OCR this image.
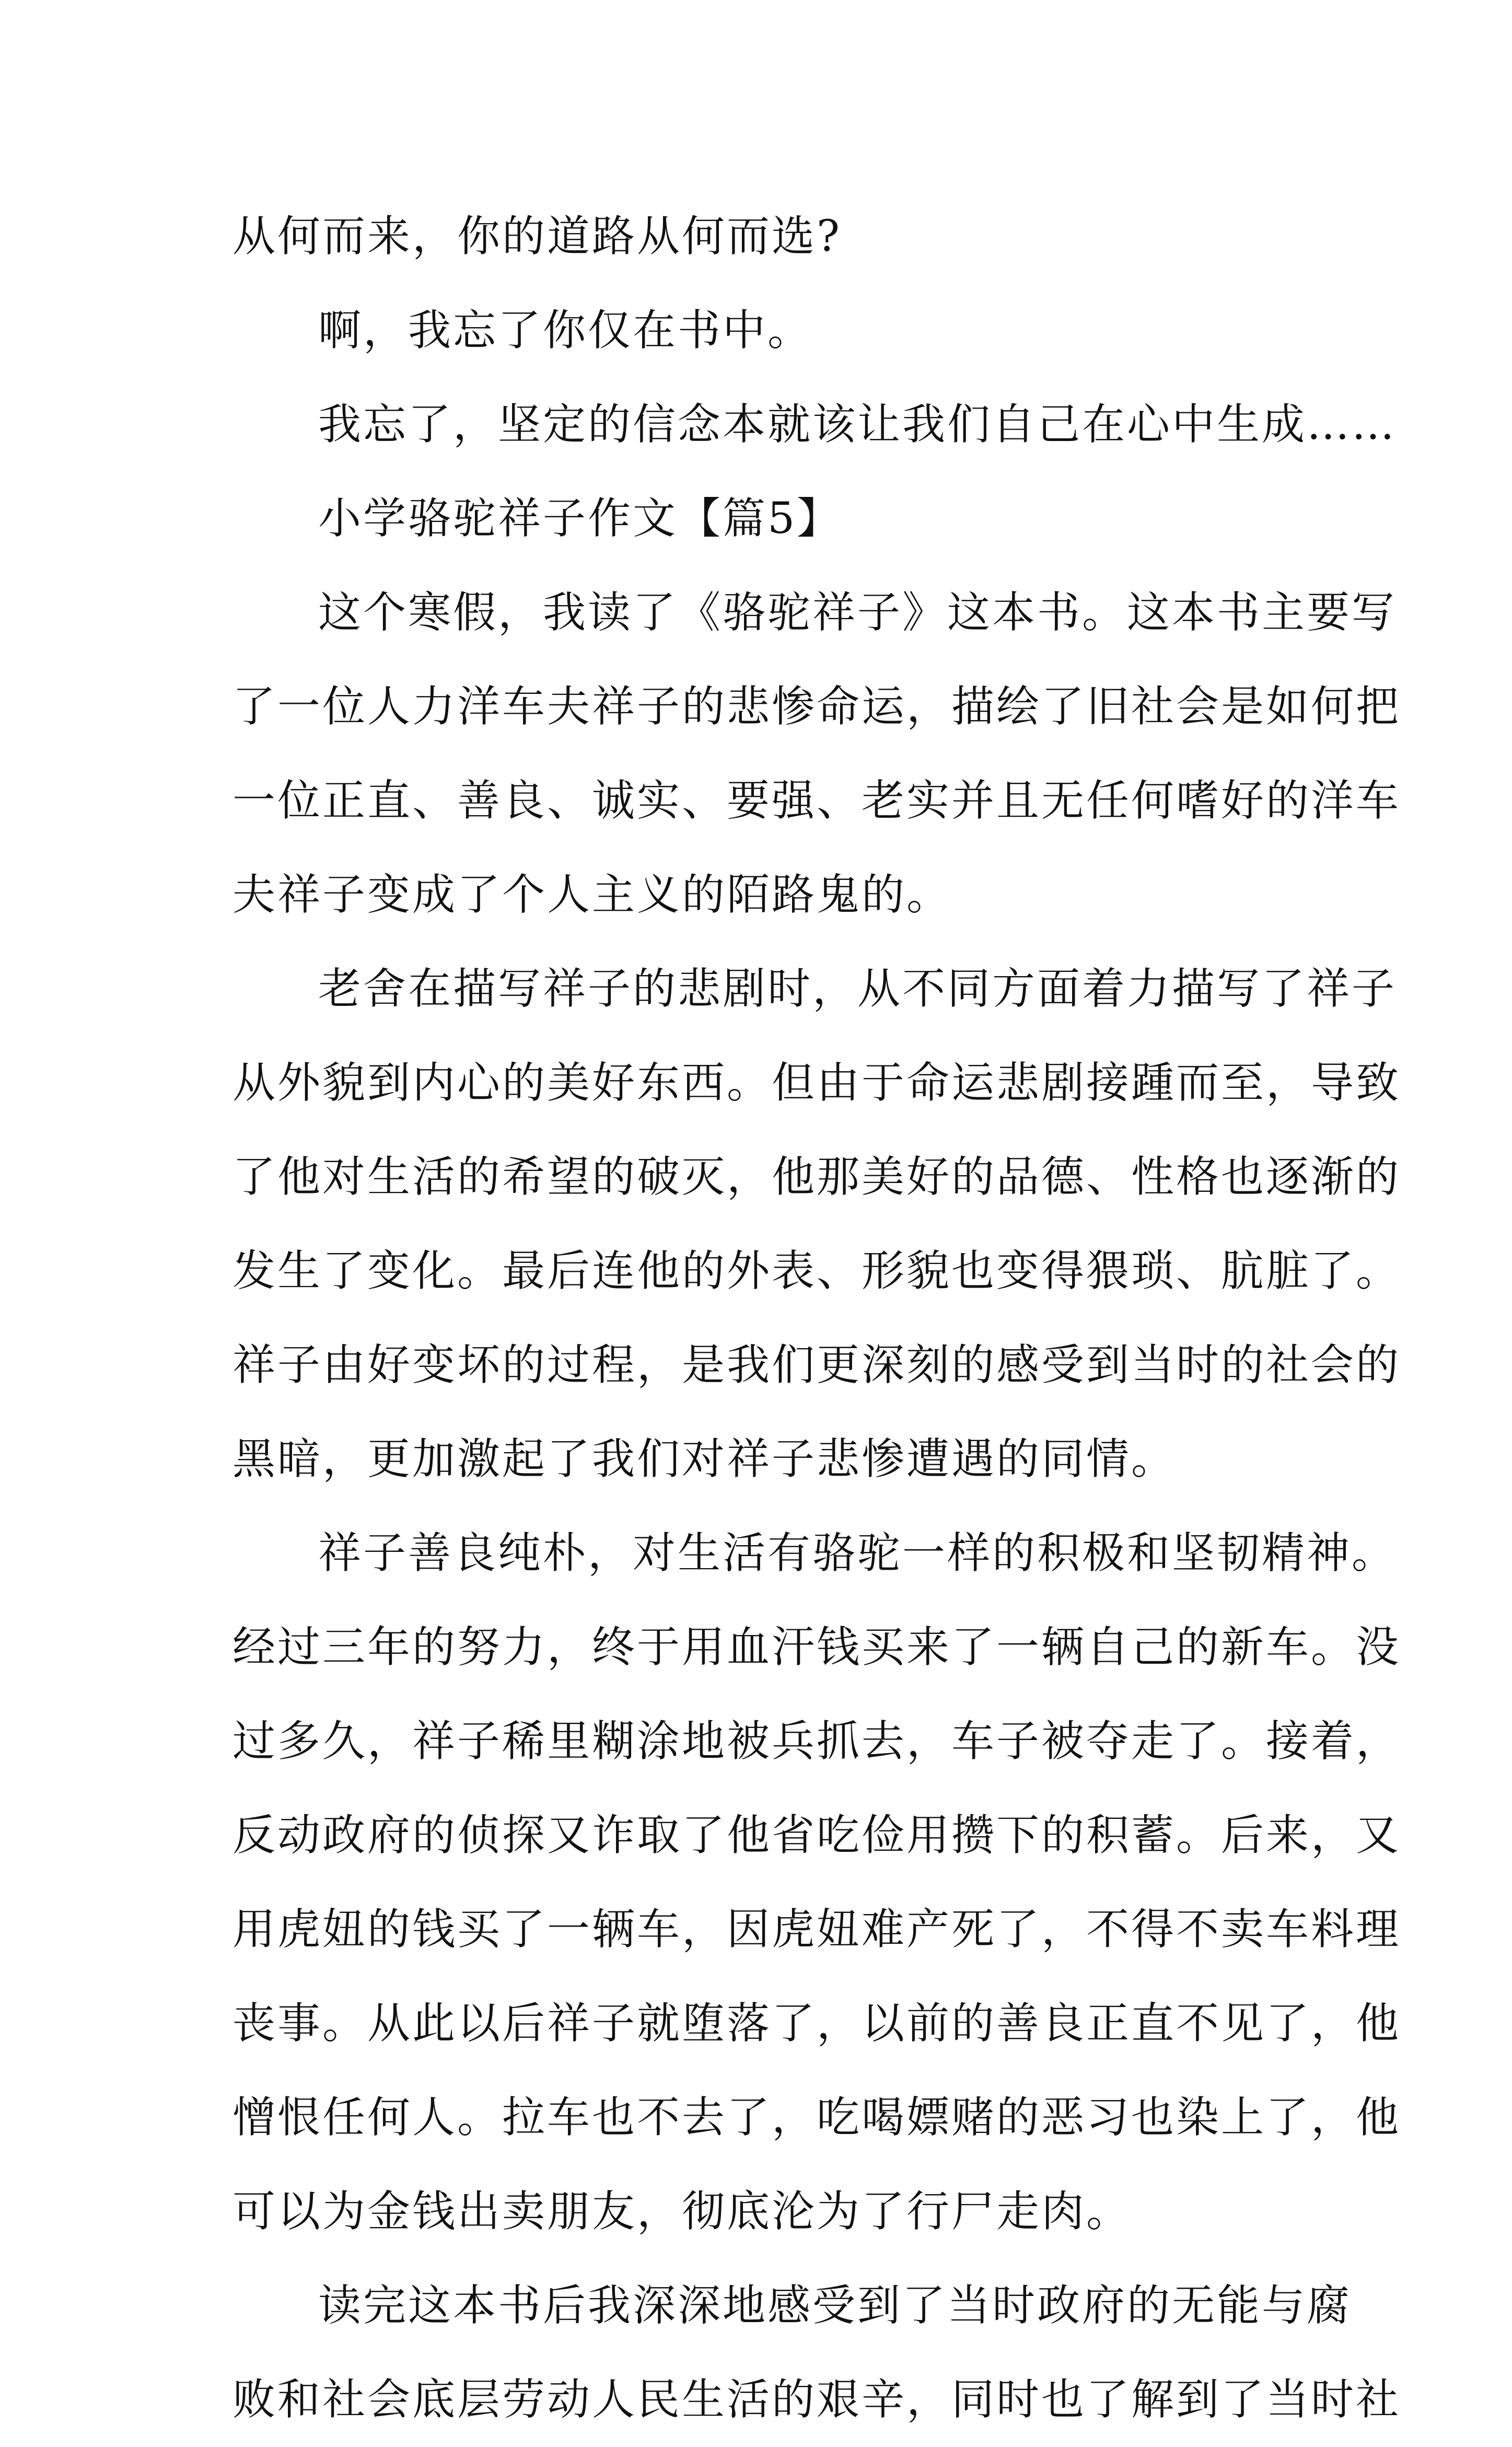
从何而来，你的道路从何而选?
啊，我忘了你仅在书中。
我忘了，坚定的信念本就该让我们自己在心中生成……
小学骆驼祥子作文【篇5】
这个寒假，我读了《骆驼祥子》这本书。这本书主要写
了一位人力洋车夫祥子的悲惨命运，描绘了旧社会是如何把
一位正直、善良、诚实、要强、老实并且无任何嗜好的洋车
夫祥子变成了个人主义的陌路鬼的。
老舍在描写祥子的悲剧时，从不同方面着力描写了祥子
从外貌到内心的美好东西。但由于命运悲剧接踵而至，导致
了他对生活的希望的破灭，他那美好的品德、性格也逐渐的
发生了变化。最后连他的外表、形貌也变得猥琐、肮脏了。
祥子由好变坏的过程，是我们更深刻的感受到当时的社会的
黑暗，更加激起了我们对祥子悲惨遭遇的同情。
祥子善良纯朴，对生活有骆驼一样的积极和坚韧精神。
经过三年的努力，终于用血汗钱买来了一辆自己的新车。没
过多久，祥子稀里糊涂地被兵抓去，车子被夺走了。接着，
反动政府的侦探又诈取了他省吃俭用攒下的积蓄。后来，又
用虎妞的钱买了一辆车，因虎妞难产死了，不得不卖车料理
丧事。从此以后祥子就堕落了，以前的善良正直不见了，他
憎恨任何人。拉车也不去了，吃喝嫖赌的恶习也染上了，他
可以为金钱出卖朋友，彻底沦为了行尸走肉。
读完这本书后我深深地感受到了当时政府的无能与腐
败和社会底层劳动人民生活的艰辛，同时也了解到了当时社
